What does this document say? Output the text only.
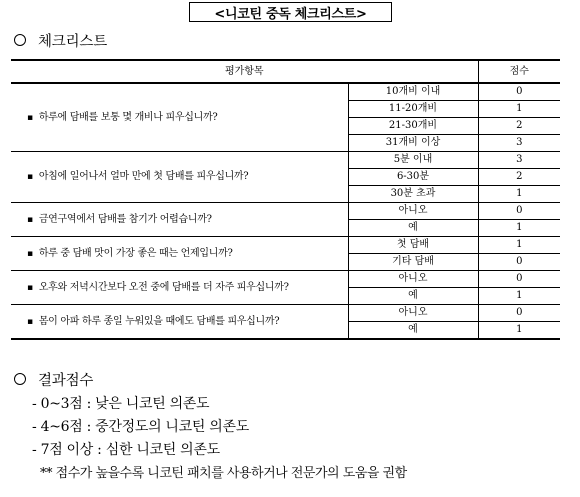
<니코틴 중독 체크리스트>
체크리스트
평가항목		점수
▪ 하루에 담배를 보통 몇 개비나 피우십니까?	10개비 이내	0
	11-20개비	1
	21-30개비	2
	31개비 이상	3
▪ 아침에 일어나서 얼마 만에 첫 담배를 피우십니까?	5분 이내	3
	6-30분	2
	30분 초과	1
▪ 금연구역에서 담배를 참기가 어렵습니까?	아니오	0
	예	1
▪ 하루 중 담배 맛이 가장 좋은 때는 언제입니까?	첫 담배	1
	기타 담배	0
▪ 오후와 저녁시간보다 오전 중에 담배를 더 자주 피우십니까?	아니오	0
	예	1
▪ 몸이 아파 하루 종일 누워있을 때에도 담배를 피우십니까?	아니오	0
	예	1
결과점수
- 0~3점 : 낮은 니코틴 의존도
- 4~6점 : 중간정도의 니코틴 의존도
- 7점 이상 : 심한 니코틴 의존도
** 점수가 높을수록 니코틴 패치를 사용하거나 전문가의 도움을 권함
